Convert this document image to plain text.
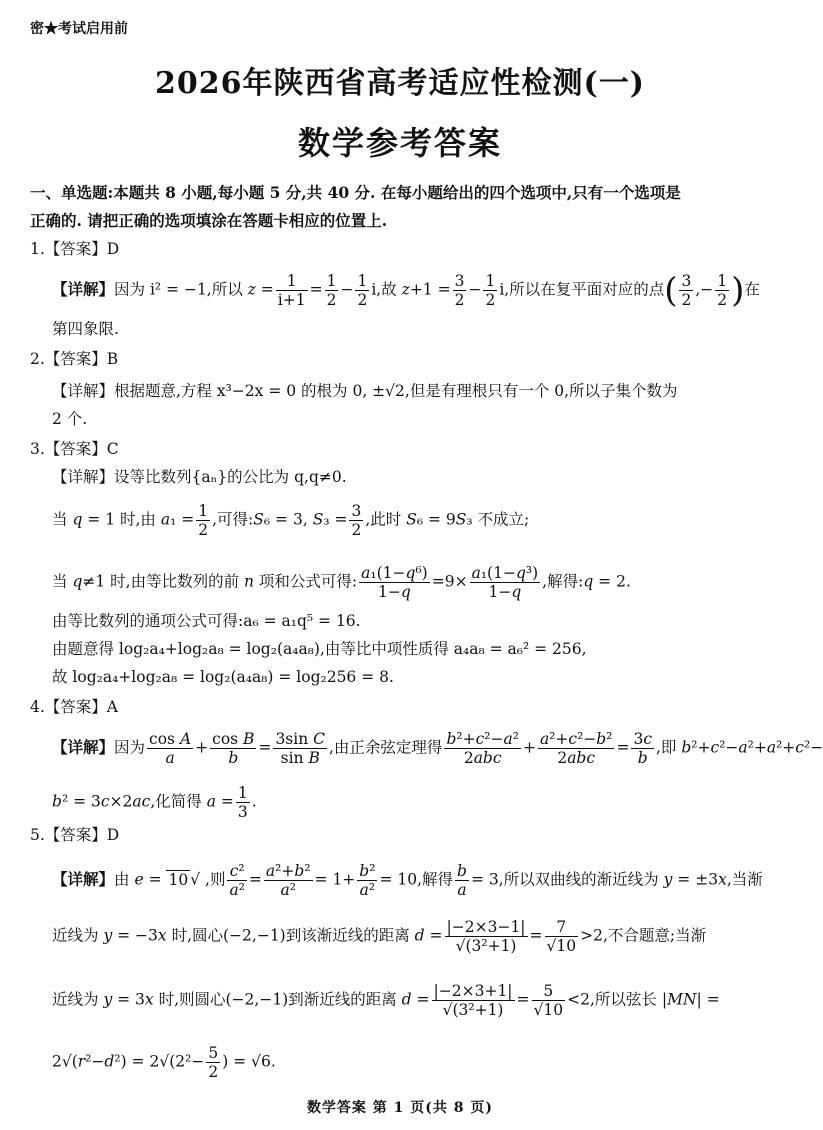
密★考试启用前
2026年陕西省高考适应性检测(一)
数学参考答案
一、单选题:本题共 8 小题,每小题 5 分,共 40 分. 在每小题给出的四个选项中,只有一个选项是
正确的. 请把正确的选项填涂在答题卡相应的位置上.
1.【答案】D
【详解】因为 i² = −1,所以 $z = \frac{1}{i+1} = \frac{1}{2} - \frac{1}{2} i$,故 $z+1 = \frac{3}{2} - \frac{1}{2} i$,所以在复平面对应的点( $\frac{3}{2}$ ,− $\frac{1}{2}$ )在
第四象限.
2.【答案】B
【详解】根据题意,方程 x³−2x = 0 的根为 0, ±√2,但是有理根只有一个 0,所以子集个数为
2 个.
3.【答案】C
【详解】设等比数列{aₙ}的公比为 q,q≠0.
当 q = 1 时,由 $a_1 = \frac{1}{2}$ ,可得:S₆ = 3, $S_3 = \frac{3}{2}$ ,此时 S₆ = 9S₃ 不成立;
当 q≠1 时,由等比数列的前 n 项和公式可得: $\frac{\text{a₁(1−q⁶)}}{1-q} =9\times \frac{\text{a₁(1−q³)}}{1-q}$ ,解得:q = 2.
由等比数列的通项公式可得:a₆ = a₁q⁵ = 16.
由题意得 log₂a₄+log₂a₈ = log₂(a₄a₈),由等比中项性质得 a₄a₈ = a₆² = 256,
故 log₂a₄+log₂a₈ = log₂(a₄a₈) = log₂256 = 8.
4.【答案】A
【详解】因为 $\frac{\text{cos A}}{a} + \frac{\text{cos B}}{b} = \frac{\text{3sin C}}{\text{sin B}}$ ,由正余弦定理得 $\frac{\text{b²+c²−a²}}{\text{2abc}} + \frac{\text{a²+c²−b²}}{\text{2abc}} = \frac{3c}{b}$ ,即 b²+c²−a²+a²+c²−
b² = 3c×2ac,化简得 $a = \frac{1}{3}$ .
5.【答案】D
【详解】由 e = 10 √ ,则 $\frac{\text{c²}}{\text{a²}} = \frac{\text{a²+b²}}{\text{a²}} = 1+ \frac{\text{b²}}{\text{a²}} = 10$,解得 $\frac{b}{a} = 3$,所以双曲线的渐近线为 y = ±3x,当渐
近线为 y = −3x 时,圆心(−2,−1)到该渐近线的距离 $d = \frac{|-2\times 3-1|}{\text{√(3²+1)}} = \frac{7}{√10} >2$,不合题意;当渐
近线为 y = 3x 时,则圆心(−2,−1)到渐近线的距离 $d = \frac{|-2\times 3+1|}{\text{√(3²+1)}} = \frac{5}{√10} <2$,所以弦长 |MN| =
$2√(r^2-d^2) = 2√(2^2- \frac{5}{2}$ ) = √6.
数学答案 第 1 页(共 8 页)
